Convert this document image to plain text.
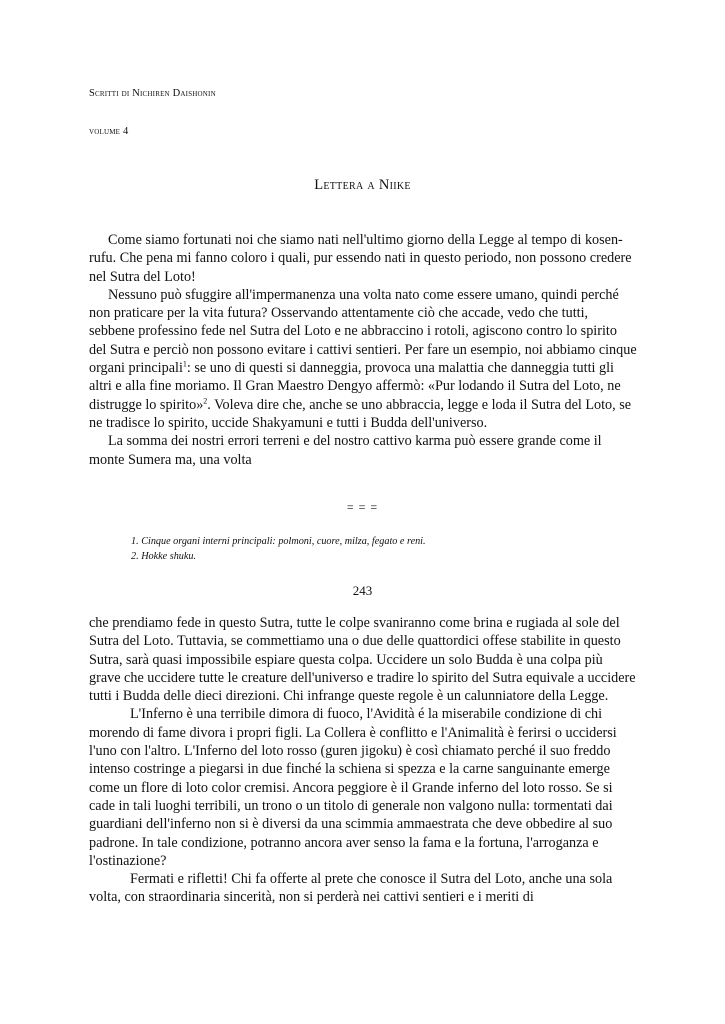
Scritti di Nichiren Daishonin
volume 4
Lettera a Niike

Come siamo fortunati noi che siamo nati nell'ultimo giorno della Legge al tempo di kosen-rufu. Che pena mi fanno coloro i quali, pur essendo nati in questo periodo, non possono credere nel Sutra del Loto!

Nessuno può sfuggire all'impermanenza una volta nato come essere umano, quindi perché non praticare per la vita futura? Osservando attentamente ciò che accade, vedo che tutti, sebbene professino fede nel Sutra del Loto e ne abbraccino i rotoli, agiscono contro lo spirito del Sutra e perciò non possono evitare i cattivi sentieri. Per fare un esempio, noi abbiamo cinque organi principali$^1$: se uno di questi si danneggia, provoca una malattia che danneggia tutti gli altri e alla fine moriamo. Il Gran Maestro Dengyo affermò: «Pur lodando il Sutra del Loto, ne distrugge lo spirito»$^2$. Voleva dire che, anche se uno abbraccia, legge e loda il Sutra del Loto, se ne tradisce lo spirito, uccide Shakyamuni e tutti i Budda dell'universo.

La somma dei nostri errori terreni e del nostro cattivo karma può essere grande come il monte Sumera ma, una volta

= = =
1. Cinque organi interni principali: polmoni, cuore, milza, fegato e reni.
2. Hokke shuku.
243

che prendiamo fede in questo Sutra, tutte le colpe svaniranno come brina e rugiada al sole del Sutra del Loto. Tuttavia, se commettiamo una o due delle quattordici offese stabilite in questo Sutra, sarà quasi impossibile espiare questa colpa. Uccidere un solo Budda è una colpa più grave che uccidere tutte le creature dell'universo e tradire lo spirito del Sutra equivale a uccidere tutti i Budda delle dieci direzioni. Chi infrange queste regole è un calunniatore della Legge.

L'Inferno è una terribile dimora di fuoco, l'Avidità é la miserabile condizione di chi morendo di fame divora i propri figli. La Collera è conflitto e l'Animalità è ferirsi o uccidersi l'uno con l'altro. L'Inferno del loto rosso (guren jigoku) è così chiamato perché il suo freddo intenso costringe a piegarsi in due finché la schiena si spezza e la carne sanguinante emerge come un flore di loto color cremisi. Ancora peggiore è il Grande inferno del loto rosso. Se si cade in tali luoghi terribili, un trono o un titolo di generale non valgono nulla: tormentati dai guardiani dell'inferno non si è diversi da una scimmia ammaestrata che deve obbedire al suo padrone. In tale condizione, potranno ancora aver senso la fama e la fortuna, l'arroganza e l'ostinazione?

Fermati e rifletti! Chi fa offerte al prete che conosce il Sutra del Loto, anche una sola volta, con straordinaria sincerità, non si perderà nei cattivi sentieri e i meriti di
